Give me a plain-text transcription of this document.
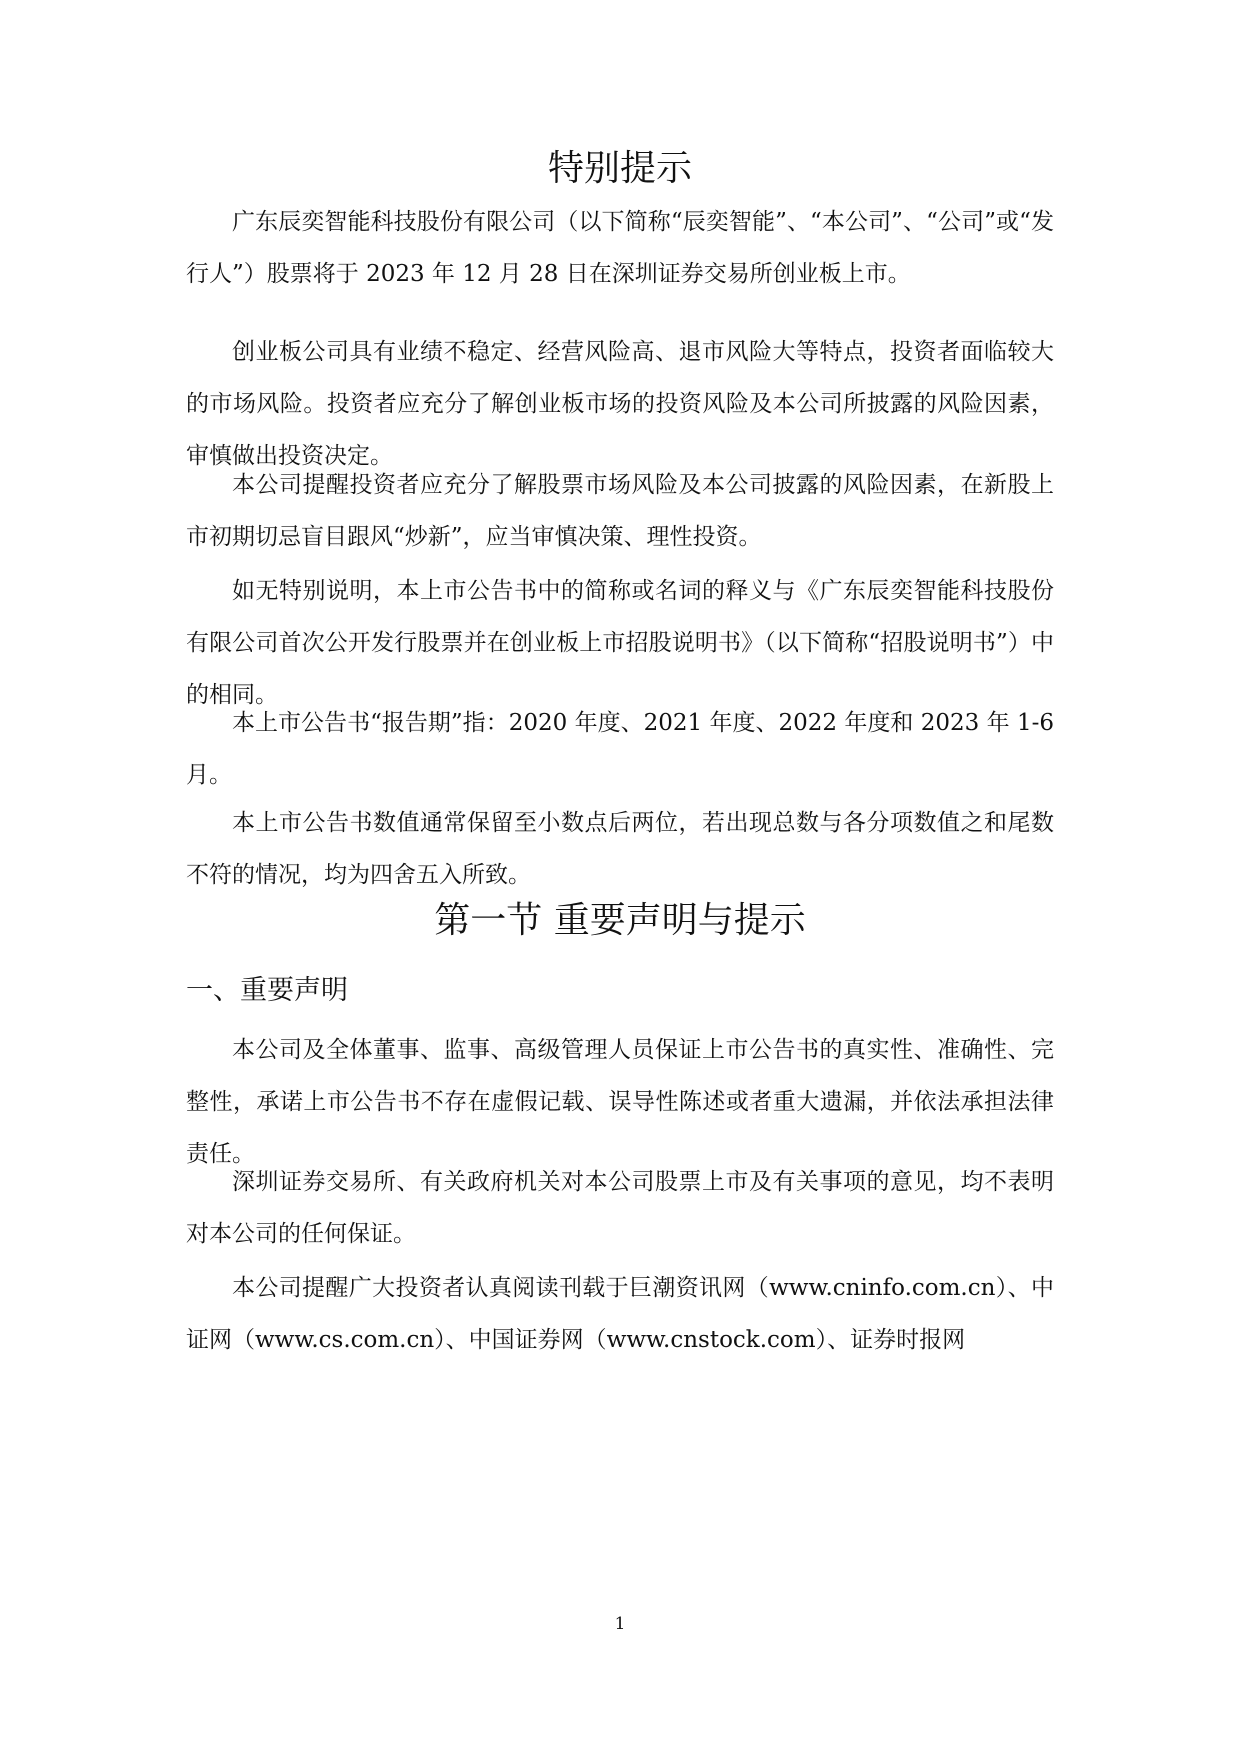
特别提示

广东辰奕智能科技股份有限公司（以下简称“辰奕智能”、“本公司”、“公司”或“发行人”）股票将于 2023 年 12 月 28 日在深圳证券交易所创业板上市。

创业板公司具有业绩不稳定、经营风险高、退市风险大等特点，投资者面临较大的市场风险。投资者应充分了解创业板市场的投资风险及本公司所披露的风险因素，审慎做出投资决定。

本公司提醒投资者应充分了解股票市场风险及本公司披露的风险因素，在新股上市初期切忌盲目跟风“炒新”，应当审慎决策、理性投资。

如无特别说明，本上市公告书中的简称或名词的释义与《广东辰奕智能科技股份有限公司首次公开发行股票并在创业板上市招股说明书》（以下简称“招股说明书”）中的相同。

本上市公告书“报告期”指：2020 年度、2021 年度、2022 年度和 2023 年 1-6 月。

本上市公告书数值通常保留至小数点后两位，若出现总数与各分项数值之和尾数不符的情况，均为四舍五入所致。

第一节 重要声明与提示
一、重要声明

本公司及全体董事、监事、高级管理人员保证上市公告书的真实性、准确性、完整性，承诺上市公告书不存在虚假记载、误导性陈述或者重大遗漏，并依法承担法律责任。

深圳证券交易所、有关政府机关对本公司股票上市及有关事项的意见，均不表明对本公司的任何保证。

本公司提醒广大投资者认真阅读刊载于巨潮资讯网（www.cninfo.com.cn）、中证网（www.cs.com.cn）、中国证券网（www.cnstock.com）、证券时报网

1
